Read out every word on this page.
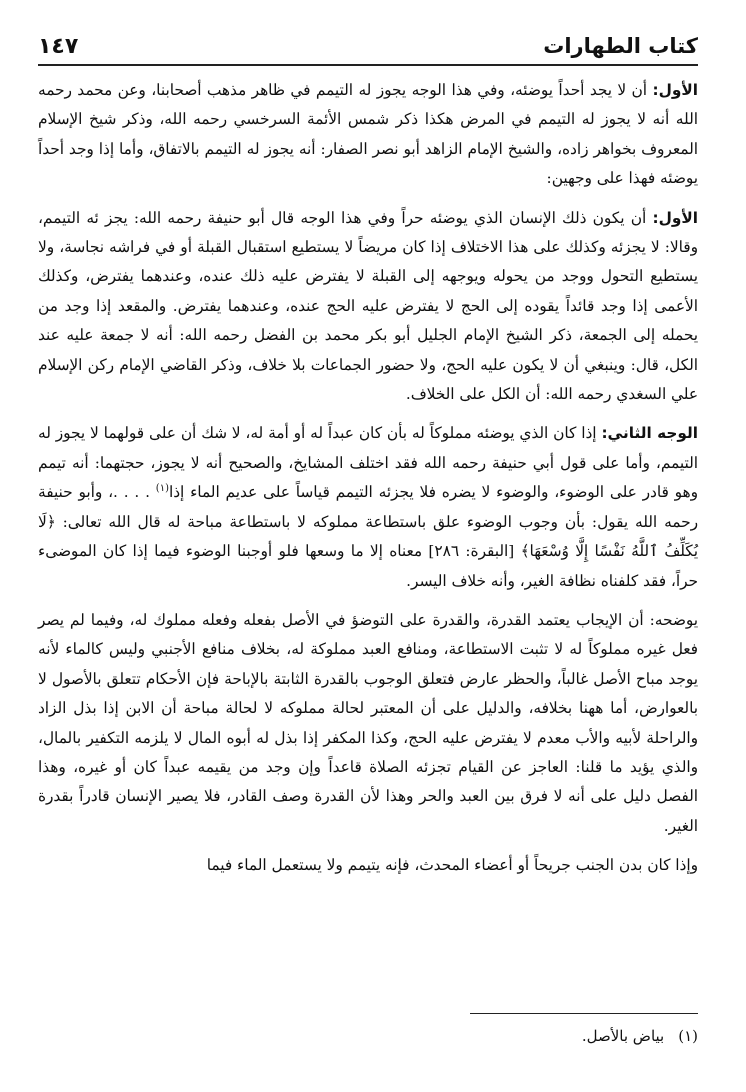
كتاب الطهارات
١٤٧

الأول: أن لا يجد أحداً يوضئه، وفي هذا الوجه يجوز له التيمم في ظاهر مذهب أصحابنا، وعن محمد رحمه الله أنه لا يجوز له التيمم في المرض هكذا ذكر شمس الأئمة السرخسي رحمه الله، وذكر شيخ الإسلام المعروف بخواهر زاده، والشيخ الإمام الزاهد أبو نصر الصفار: أنه يجوز له التيمم بالاتفاق، وأما إذا وجد أحداً يوضئه فهذا على وجهين:

الأول: أن يكون ذلك الإنسان الذي يوضئه حراً وفي هذا الوجه قال أبو حنيفة رحمه الله: يجز ئه التيمم، وقالا: لا يجزئه وكذلك على هذا الاختلاف إذا كان مريضاً لا يستطيع استقبال القبلة أو في فراشه نجاسة، ولا يستطيع التحول ووجد من يحوله ويوجهه إلى القبلة لا يفترض عليه ذلك عنده، وعندهما يفترض، وكذلك الأعمى إذا وجد قائداً يقوده إلى الحج لا يفترض عليه الحج عنده، وعندهما يفترض. والمقعد إذا وجد من يحمله إلى الجمعة، ذكر الشيخ الإمام الجليل أبو بكر محمد بن الفضل رحمه الله: أنه لا جمعة عليه عند الكل، قال: وينبغي أن لا يكون عليه الحج، ولا حضور الجماعات بلا خلاف، وذكر القاضي الإمام ركن الإسلام علي السغدي رحمه الله: أن الكل على الخلاف.

الوجه الثاني: إذا كان الذي يوضئه مملوكاً له بأن كان عبداً له أو أمة له، لا شك أن على قولهما لا يجوز له التيمم، وأما على قول أبي حنيفة رحمه الله فقد اختلف المشايخ، والصحيح أنه لا يجوز، حجتهما: أنه تيمم وهو قادر على الوضوء، والوضوء لا يضره فلا يجزئه التيمم قياساً على عديم الماء إذا$^{(١)}$ . . . .، وأبو حنيفة رحمه الله يقول: بأن وجوب الوضوء علق باستطاعة مملوكه لا باستطاعة مباحة له قال الله تعالى: ﴿لَا يُكَلِّفُ ٱللَّهُ نَفْسًا إِلَّا وُسْعَهَا﴾ [البقرة: ٢٨٦] معناه إلا ما وسعها فلو أوجبنا الوضوء فيما إذا كان الموضىء حراً، فقد كلفناه نظافة الغير، وأنه خلاف اليسر.

يوضحه: أن الإيجاب يعتمد القدرة، والقدرة على التوضؤ في الأصل بفعله وفعله مملوك له، وفيما لم يصر فعل غيره مملوكاً له لا تثبت الاستطاعة، ومنافع العبد مملوكة له، بخلاف منافع الأجنبي وليس كالماء لأنه يوجد مباح الأصل غالباً، والحظر عارض فتعلق الوجوب بالقدرة الثابتة بالإباحة فإن الأحكام تتعلق بالأصول لا بالعوارض، أما ههنا بخلافه، والدليل على أن المعتبر لحالة مملوكه لا لحالة مباحة أن الابن إذا بذل الزاد والراحلة لأبيه والأب معدم لا يفترض عليه الحج، وكذا المكفر إذا بذل له أبوه المال لا يلزمه التكفير بالمال، والذي يؤيد ما قلنا: العاجز عن القيام تجزئه الصلاة قاعداً وإن وجد من يقيمه عبداً كان أو غيره، وهذا الفصل دليل على أنه لا فرق بين العبد والحر وهذا لأن القدرة وصف القادر، فلا يصير الإنسان قادراً بقدرة الغير.

وإذا كان بدن الجنب جريحاً أو أعضاء المحدث، فإنه يتيمم ولا يستعمل الماء فيما

(١)بياض بالأصل.
